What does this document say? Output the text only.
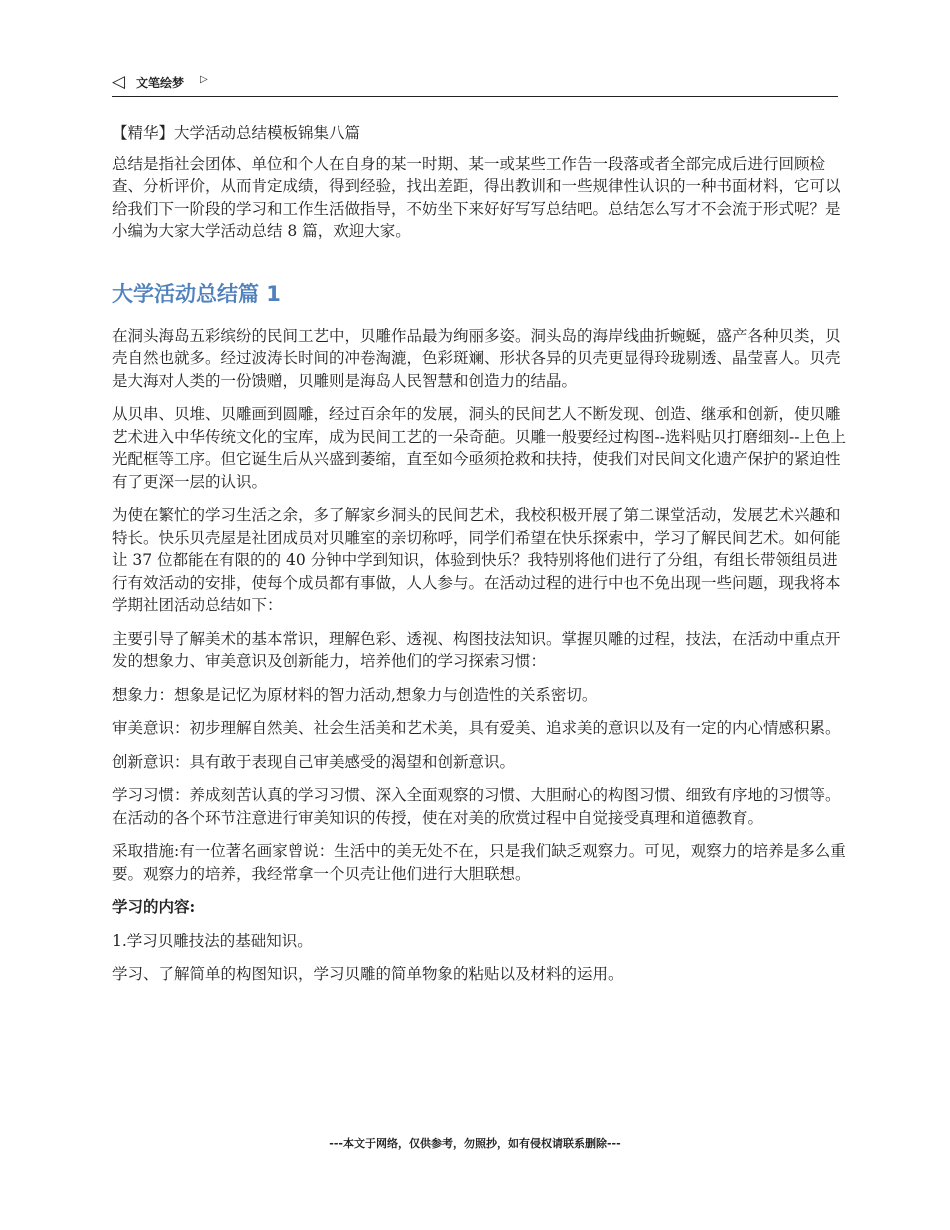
◁ 文笔绘梦 ▷

【精华】大学活动总结模板锦集八篇

总结是指社会团体、单位和个人在自身的某一时期、某一或某些工作告一段落或者全部完成后进行回顾检查、分析评价，从而肯定成绩，得到经验，找出差距，得出教训和一些规律性认识的一种书面材料，它可以给我们下一阶段的学习和工作生活做指导，不妨坐下来好好写写总结吧。总结怎么写才不会流于形式呢？是小编为大家大学活动总结 8 篇，欢迎大家。

大学活动总结篇 1

在洞头海岛五彩缤纷的民间工艺中，贝雕作品最为绚丽多姿。洞头岛的海岸线曲折蜿蜒，盛产各种贝类，贝壳自然也就多。经过波涛长时间的冲卷淘漉，色彩斑斓、形状各异的贝壳更显得玲珑剔透、晶莹喜人。贝壳是大海对人类的一份馈赠，贝雕则是海岛人民智慧和创造力的结晶。

从贝串、贝堆、贝雕画到圆雕，经过百余年的发展，洞头的民间艺人不断发现、创造、继承和创新，使贝雕艺术进入中华传统文化的宝库，成为民间工艺的一朵奇葩。贝雕一般要经过构图--选料贴贝打磨细刻--上色上光配框等工序。但它诞生后从兴盛到萎缩，直至如今亟须抢救和扶持，使我们对民间文化遗产保护的紧迫性有了更深一层的认识。

为使在繁忙的学习生活之余，多了解家乡洞头的民间艺术，我校积极开展了第二课堂活动，发展艺术兴趣和特长。快乐贝壳屋是社团成员对贝雕室的亲切称呼，同学们希望在快乐探索中，学习了解民间艺术。如何能让 37 位都能在有限的的 40 分钟中学到知识，体验到快乐？我特别将他们进行了分组，有组长带领组员进行有效活动的安排，使每个成员都有事做，人人参与。在活动过程的进行中也不免出现一些问题，现我将本学期社团活动总结如下：

主要引导了解美术的基本常识，理解色彩、透视、构图技法知识。掌握贝雕的过程，技法，在活动中重点开发的想象力、审美意识及创新能力，培养他们的学习探索习惯：

想象力：想象是记忆为原材料的智力活动,想象力与创造性的关系密切。

审美意识：初步理解自然美、社会生活美和艺术美，具有爱美、追求美的意识以及有一定的内心情感积累。

创新意识：具有敢于表现自己审美感受的渴望和创新意识。

学习习惯：养成刻苦认真的学习习惯、深入全面观察的习惯、大胆耐心的构图习惯、细致有序地的习惯等。在活动的各个环节注意进行审美知识的传授，使在对美的欣赏过程中自觉接受真理和道德教育。

采取措施:有一位著名画家曾说：生活中的美无处不在，只是我们缺乏观察力。可见，观察力的培养是多么重要。观察力的培养，我经常拿一个贝壳让他们进行大胆联想。

学习的内容:

1.学习贝雕技法的基础知识。

学习、了解简单的构图知识，学习贝雕的简单物象的粘贴以及材料的运用。

---本文于网络，仅供参考，勿照抄，如有侵权请联系删除---
